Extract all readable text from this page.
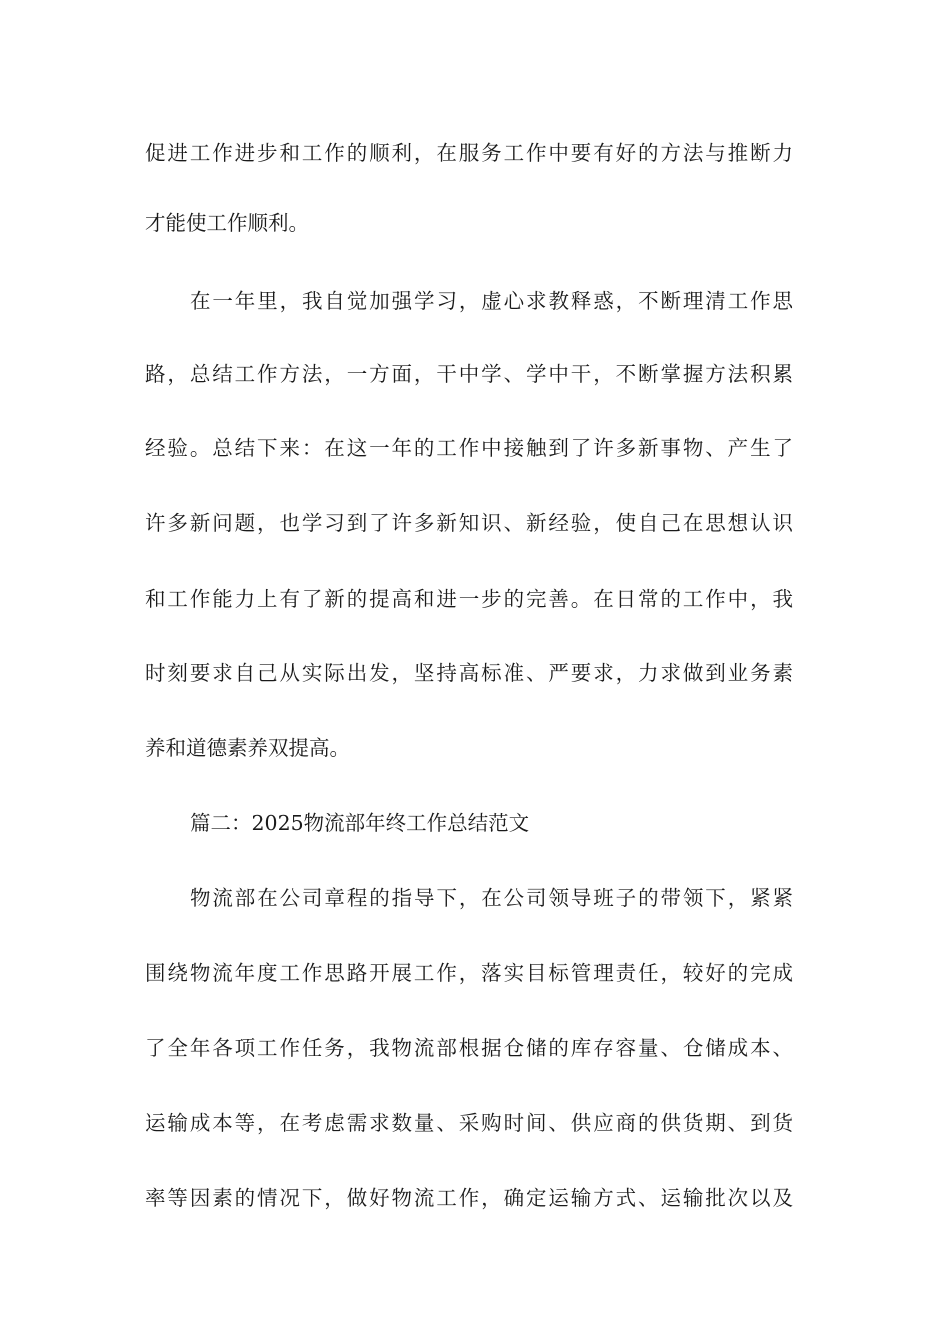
促进工作进步和工作的顺利，在服务工作中要有好的方法与推断力
才能使工作顺利。
在一年里，我自觉加强学习，虚心求教释惑，不断理清工作思
路，总结工作方法，一方面，干中学、学中干，不断掌握方法积累
经验。总结下来：在这一年的工作中接触到了许多新事物、产生了
许多新问题，也学习到了许多新知识、新经验，使自己在思想认识
和工作能力上有了新的提高和进一步的完善。在日常的工作中，我
时刻要求自己从实际出发，坚持高标准、严要求，力求做到业务素
养和道德素养双提高。
篇二：2025物流部年终工作总结范文
物流部在公司章程的指导下，在公司领导班子的带领下，紧紧
围绕物流年度工作思路开展工作，落实目标管理责任，较好的完成
了全年各项工作任务，我物流部根据仓储的库存容量、仓储成本、
运输成本等，在考虑需求数量、采购时间、供应商的供货期、到货
率等因素的情况下，做好物流工作，确定运输方式、运输批次以及
